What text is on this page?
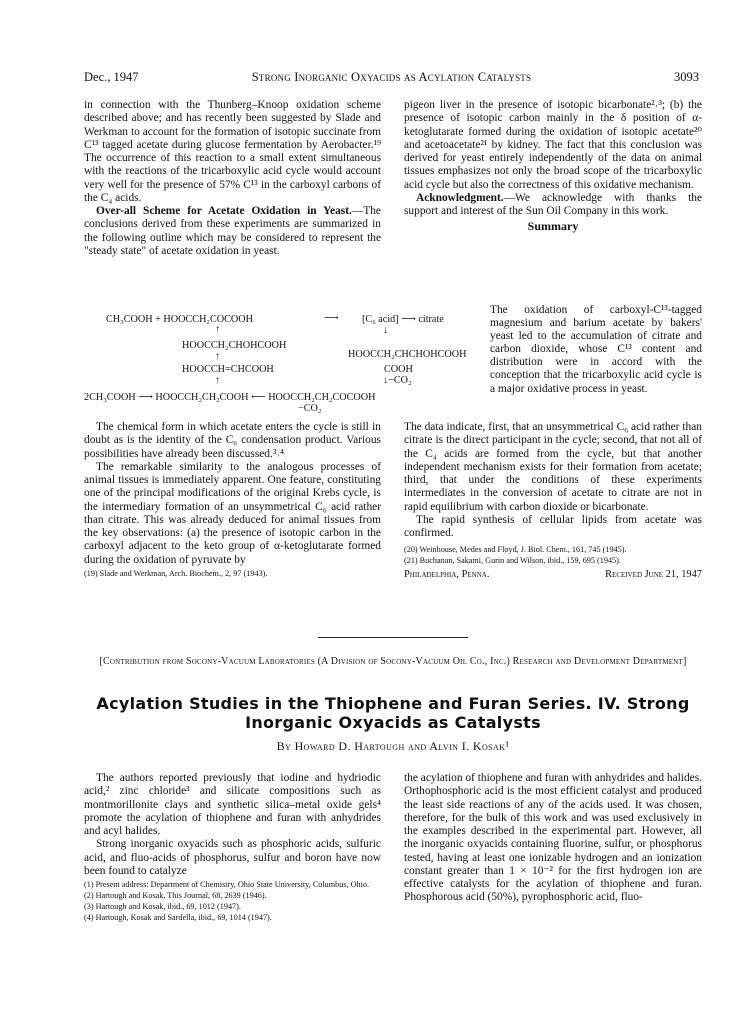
Dec., 1947	Strong Inorganic Oxyacids as Acylation Catalysts	3093

in connection with the Thunberg–Knoop oxidation scheme described above; and has recently been suggested by Slade and Werkman to account for the formation of isotopic succinate from C¹³ tagged acetate during glucose fermentation by Aerobacter.¹⁹ The occurrence of this reaction to a small extent simultaneous with the reactions of the tricarboxylic acid cycle would account very well for the presence of 57% C¹³ in the carboxyl carbons of the C₄ acids.

Over-all Scheme for Acetate Oxidation in Yeast.—The conclusions derived from these experiments are summarized in the following outline which may be considered to represent the "steady state" of acetate oxidation in yeast.

pigeon liver in the presence of isotopic bicarbonate²˒³; (b) the presence of isotopic carbon mainly in the δ position of α-ketoglutarate formed during the oxidation of isotopic acetate²⁰ and acetoacetate²¹ by kidney. The fact that this conclusion was derived for yeast entirely independently of the data on animal tissues emphasizes not only the broad scope of the tricarboxylic acid cycle but also the correctness of this oxidative mechanism.

Acknowledgment.—We acknowledge with thanks the support and interest of the Sun Oil Company in this work.

Summary

The oxidation of carboxyl-C¹³-tagged magnesium and barium acetate by bakers' yeast led to the accumulation of citrate and carbon dioxide, whose C¹³ content and distribution were in accord with the conception that the tricarboxylic acid cycle is a major oxidative process in yeast.

CH₃COOH + HOOCCH₂COCOOH	⟶ [C₆ acid] ⟶ citrate
↑	↓
HOOCCH₂CHOHCOOH
↑	HOOCCH₂CHCHOHCOOH
HOOCCH=CHCOOH	COOH
↑	↓−CO₂
2CH₃COOH ⟶ HOOCCH₂CH₂COOH ⟵ HOOCCH₂CH₂COCOOH
−CO₂

The chemical form in which acetate enters the cycle is still in doubt as is the identity of the C₆ condensation product. Various possibilities have already been discussed.³˒⁴

The remarkable similarity to the analogous processes of animal tissues is immediately apparent. One feature, constituting one of the principal modifications of the original Krebs cycle, is the intermediary formation of an unsymmetrical C₆ acid rather than citrate. This was already deduced for animal tissues from the key observations: (a) the presence of isotopic carbon in the carboxyl adjacent to the keto group of α-ketoglutarate formed during the oxidation of pyruvate by

(19) Slade and Werkman, Arch. Biochem., 2, 97 (1943).

The data indicate, first, that an unsymmetrical C₆ acid rather than citrate is the direct participant in the cycle; second, that not all of the C₄ acids are formed from the cycle, but that another independent mechanism exists for their formation from acetate; third, that under the conditions of these experiments intermediates in the conversion of acetate to citrate are not in rapid equilibrium with carbon dioxide or bicarbonate.

The rapid synthesis of cellular lipids from acetate was confirmed.

(20) Weinhouse, Medes and Floyd, J. Biol. Chem., 161, 745 (1945).

(21) Buchanan, Sakami, Gurin and Wilson, ibid., 159, 695 (1945).

Philadelphia, Penna.	Received June 21, 1947
[Contribution from Socony-Vacuum Laboratories (A Division of Socony-Vacuum Oil Co., Inc.) Research and Development Department]
Acylation Studies in the Thiophene and Furan Series. IV. Strong Inorganic Oxyacids as Catalysts
By Howard D. Hartough and Alvin I. Kosak¹

The authors reported previously that iodine and hydriodic acid,² zinc chloride³ and silicate compositions such as montmorillonite clays and synthetic silica–metal oxide gels⁴ promote the acylation of thiophene and furan with anhydrides and acyl halides.

Strong inorganic oxyacids such as phosphoric acids, sulfuric acid, and fluo-acids of phosphorus, sulfur and boron have now been found to catalyze

(1) Present address: Department of Chemistry, Ohio State University, Columbus, Ohio.

(2) Hartough and Kosak, This Journal, 68, 2639 (1946).

(3) Hartough and Kosak, ibid., 69, 1012 (1947).

(4) Hartough, Kosak and Sardella, ibid., 69, 1014 (1947).

the acylation of thiophene and furan with anhydrides and halides. Orthophosphoric acid is the most efficient catalyst and produced the least side reactions of any of the acids used. It was chosen, therefore, for the bulk of this work and was used exclusively in the examples described in the experimental part. However, all the inorganic oxyacids containing fluorine, sulfur, or phosphorus tested, having at least one ionizable hydrogen and an ionization constant greater than 1 × 10⁻² for the first hydrogen ion are effective catalysts for the acylation of thiophene and furan. Phosphorous acid (50%), pyrophosphoric acid, fluo-
